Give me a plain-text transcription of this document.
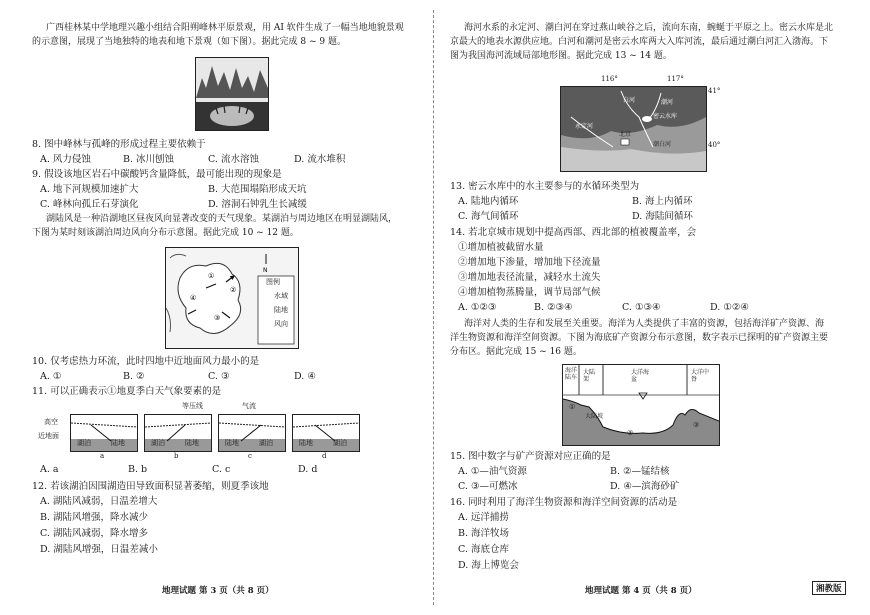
广西桂林某中学地理兴趣小组结合阳朔峰林平原景观，用 AI 软件生成了一幅当地地貌景观
的示意图，展现了当地独特的地表和地下景观（如下图）。据此完成 8 ~ 9 题。
8. 图中峰林与孤峰的形成过程主要依赖于
A. 风力侵蚀	B. 冰川刨蚀	C. 流水溶蚀	D. 流水堆积
9. 假设该地区岩石中碳酸钙含量降低，最可能出现的现象是
A. 地下河规模加速扩大	B. 大范围塌陷形成天坑
C. 峰林向孤丘石芽演化	D. 溶洞石钟乳生长减缓
湖陆风是一种沿湖地区昼夜风向显著改变的天气现象。某湖泊与周边地区在明显湖陆风，
下图为某时刻该湖泊周边风向分布示意图。据此完成 10 ~ 12 题。
①
②
③
④
N
图例
水域
陆地
风向
10. 仅考虑热力环流，此时四地中近地面风力最小的是
A. ①	B. ②	C. ③	D. ④
11. 可以正确表示①地夏季白天气象要素的是
等压线	气流
高空
近地面
湖泊	陆地	湖泊	陆地	陆地	湖泊	陆地	湖泊
a	b	c	d
A. a	B. b	C. c	D. d
12. 若该湖泊因围湖造田导致面积显著萎缩，则夏季该地
A. 湖陆风减弱，日温差增大
B. 湖陆风增强，降水减少
C. 湖陆风减弱，降水增多
D. 湖陆风增强，日温差减小
地理试题 第 3 页（共 8 页）
海河水系的永定河、潮白河在穿过燕山峡谷之后，流向东南，蜿蜒于平原之上。密云水库是北
京最大的地表水源供应地。白河和潮河是密云水库两大入库河流，最后通过潮白河汇入渤海。下
图为我国海河流域局部地形图。据此完成 13 ~ 14 题。
116°	117°
41°
40°
白河	潮河
密云水库
北京
永定河
潮白河
13. 密云水库中的水主要参与的水循环类型为
A. 陆地内循环	B. 海上内循环
C. 海气间循环	D. 海陆间循环
14. 若北京城市规划中提高西部、西北部的植被覆盖率，会
①增加植被截留水量
②增加地下渗量，增加地下径流量
③增加地表径流量，减轻水土流失
④增加植物蒸腾量，调节局部气候
A. ①②③	B. ②③④	C. ①③④	D. ①②④
海洋对人类的生存和发展至关重要。海洋为人类提供了丰富的资源，包括海洋矿产资源、海
洋生物资源和海洋空间资源。下图为海底矿产资源分布示意图，数字表示已探明的矿产资源主要
分布区。据此完成 15 ~ 16 题。
海洋陆车
大陆架
大洋海盆
大洋中脊
大陆坡
①
②
③
15. 图中数字与矿产资源对应正确的是
A. ①—油气资源	B. ②—锰结核
C. ③—可燃冰	D. ④—滨海砂矿
16. 同时利用了海洋生物资源和海洋空间资源的活动是
A. 远洋捕捞
B. 海洋牧场
C. 海底仓库
D. 海上博览会
地理试题 第 4 页（共 8 页）	湘教版
